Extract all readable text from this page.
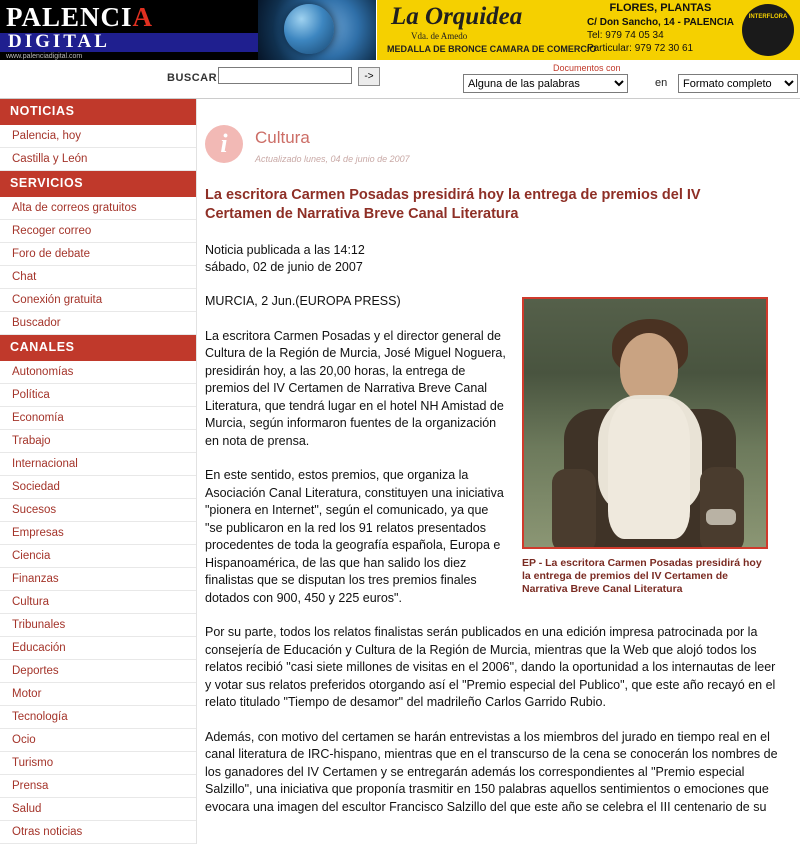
PALENCIA
DIGITAL
www.palenciadigital.com
La Orquidea
Vda. de Amedo
MEDALLA DE BRONCE CAMARA DE COMERCIO
FLORES, PLANTAS
C/ Don Sancho, 14 - PALENCIA
Tel: 979 74 05 34
Particular: 979 72 30 61
INTERFLORA
BUSCAR	->
Documentos con
Alguna de las palabras
en
Formato completo
NOTICIAS
Palencia, hoy
Castilla y León
SERVICIOS
Alta de correos gratuitos
Recoger correo
Foro de debate
Chat
Conexión gratuita
Buscador
CANALES
Autonomías
Política
Economía
Trabajo
Internacional
Sociedad
Sucesos
Empresas
Ciencia
Finanzas
Cultura
Tribunales
Educación
Deportes
Motor
Tecnología
Ocio
Turismo
Prensa
Salud
Otras noticias
i	Cultura
Actualizado lunes, 04 de junio de 2007
La escritora Carmen Posadas presidirá hoy la entrega de premios del IV Certamen de Narrativa Breve Canal Literatura
Noticia publicada a las 14:12
sábado, 02 de junio de 2007
EP - La escritora Carmen Posadas presidirá hoy la entrega de premios del IV Certamen de Narrativa Breve Canal Literatura

MURCIA, 2 Jun.(EUROPA PRESS)

La escritora Carmen Posadas y el director general de Cultura de la Región de Murcia, José Miguel Noguera, presidirán hoy, a las 20,00 horas, la entrega de premios del IV Certamen de Narrativa Breve Canal Literatura, que tendrá lugar en el hotel NH Amistad de Murcia, según informaron fuentes de la organización en nota de prensa.

En este sentido, estos premios, que organiza la Asociación Canal Literatura, constituyen una iniciativa "pionera en Internet", según el comunicado, ya que "se publicaron en la red los 91 relatos presentados procedentes de toda la geografía española, Europa e Hispanoamérica, de las que han salido los diez finalistas que se disputan los tres premios finales dotados con 900, 450 y 225 euros".

Por su parte, todos los relatos finalistas serán publicados en una edición impresa patrocinada por la consejería de Educación y Cultura de la Región de Murcia, mientras que la Web que alojó todos los relatos recibió "casi siete millones de visitas en el 2006", dando la oportunidad a los internautas de leer y votar sus relatos preferidos otorgando así el "Premio especial del Publico", que este año recayó en el relato titulado "Tiempo de desamor" del madrileño Carlos Garrido Rubio.

Además, con motivo del certamen se harán entrevistas a los miembros del jurado en tiempo real en el canal literatura de IRC-hispano, mientras que en el transcurso de la cena se conocerán los nombres de los ganadores del IV Certamen y se entregarán además los correspondientes al "Premio especial Salzillo", una iniciativa que proponía trasmitir en 150 palabras aquellos sentimientos o emociones que evocara una imagen del escultor Francisco Salzillo del que este año se celebra el III centenario de su
